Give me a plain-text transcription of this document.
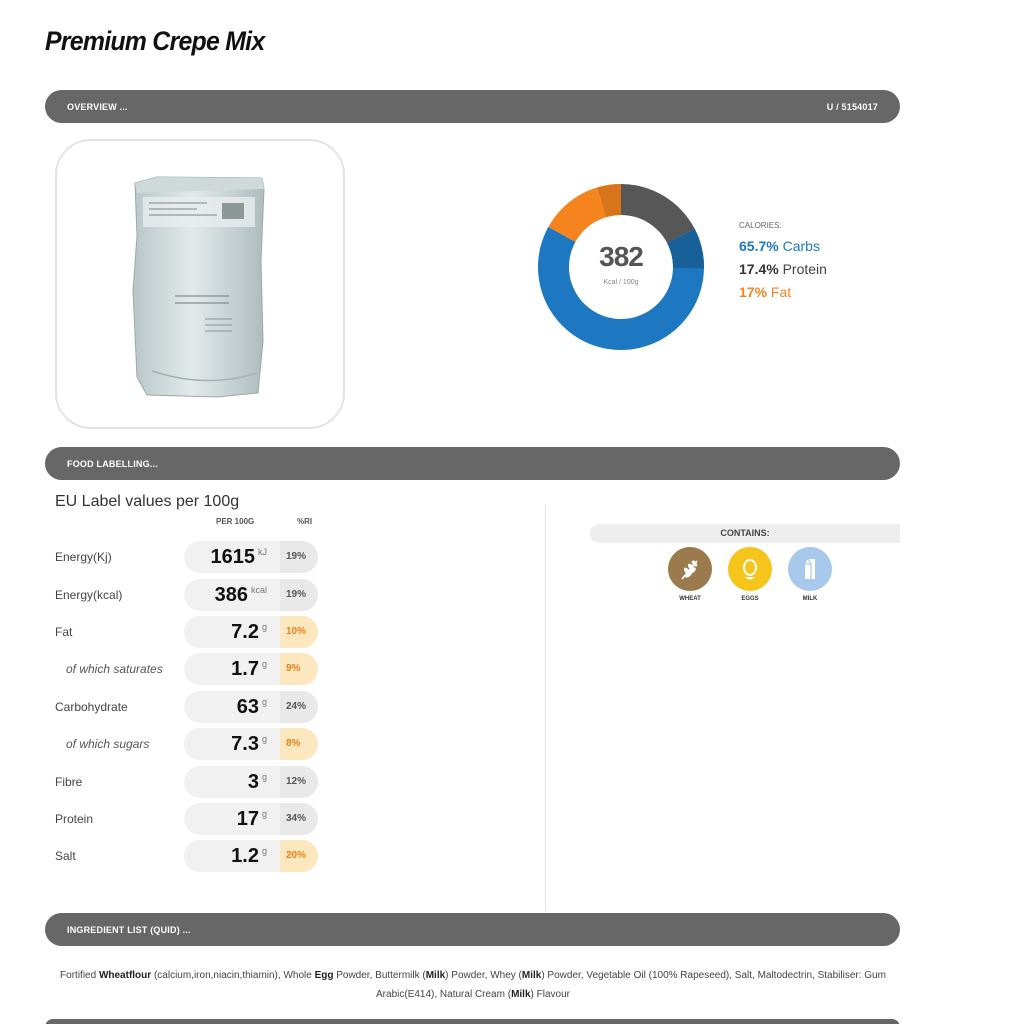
Premium Crepe Mix
OVERVIEW ...	U / 5154017
382
Kcal / 100g
CALORIES:
65.7% Carbs
17.4% Protein
17% Fat
FOOD LABELLING...
EU Label values per 100g
PER 100G	%RI
Energy(Kj)	1615 $^{kJ}$	19%
Energy(kcal)	386 $^{kcal}$	19%
Fat	7.2 $^g$	10%
of which saturates	1.7 $^g$	9%
Carbohydrate	63 $^g$	24%
of which sugars	7.3 $^g$	8%
Fibre	3 $^g$	12%
Protein	17 $^g$	34%
Salt	1.2 $^g$	20%
CONTAINS:
WHEAT	EGGS	MILK
INGREDIENT LIST (QUID) ...
Fortified Wheatflour (calcium,iron,niacin,thiamin), Whole Egg Powder, Buttermilk (Milk) Powder, Whey (Milk) Powder, Vegetable Oil (100% Rapeseed), Salt, Maltodectrin, Stabiliser: Gum Arabic(E414), Natural Cream (Milk) Flavour
